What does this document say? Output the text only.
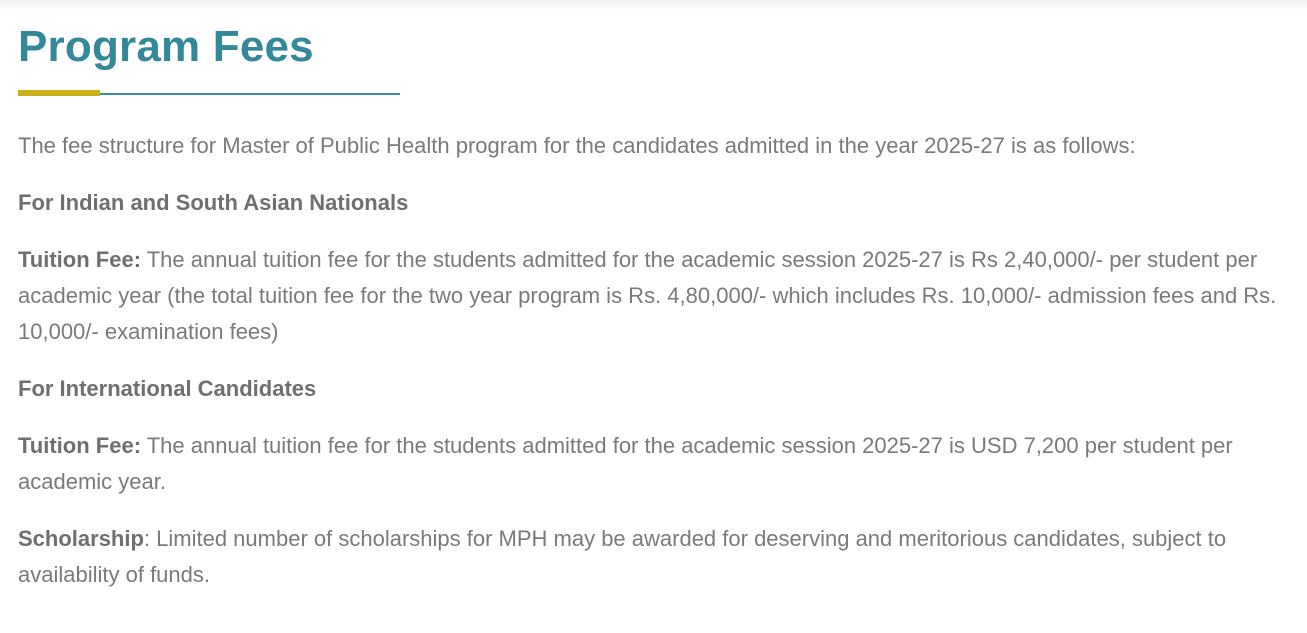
Program Fees

The fee structure for Master of Public Health program for the candidates admitted in the year 2025-27 is as follows:

For Indian and South Asian Nationals

Tuition Fee: The annual tuition fee for the students admitted for the academic session 2025-27 is Rs 2,40,000/- per student per academic year (the total tuition fee for the two year program is Rs. 4,80,000/- which includes Rs. 10,000/- admission fees and Rs. 10,000/- examination fees)

For International Candidates

Tuition Fee: The annual tuition fee for the students admitted for the academic session 2025-27 is USD 7,200 per student per academic year.

Scholarship: Limited number of scholarships for MPH may be awarded for deserving and meritorious candidates, subject to availability of funds.
